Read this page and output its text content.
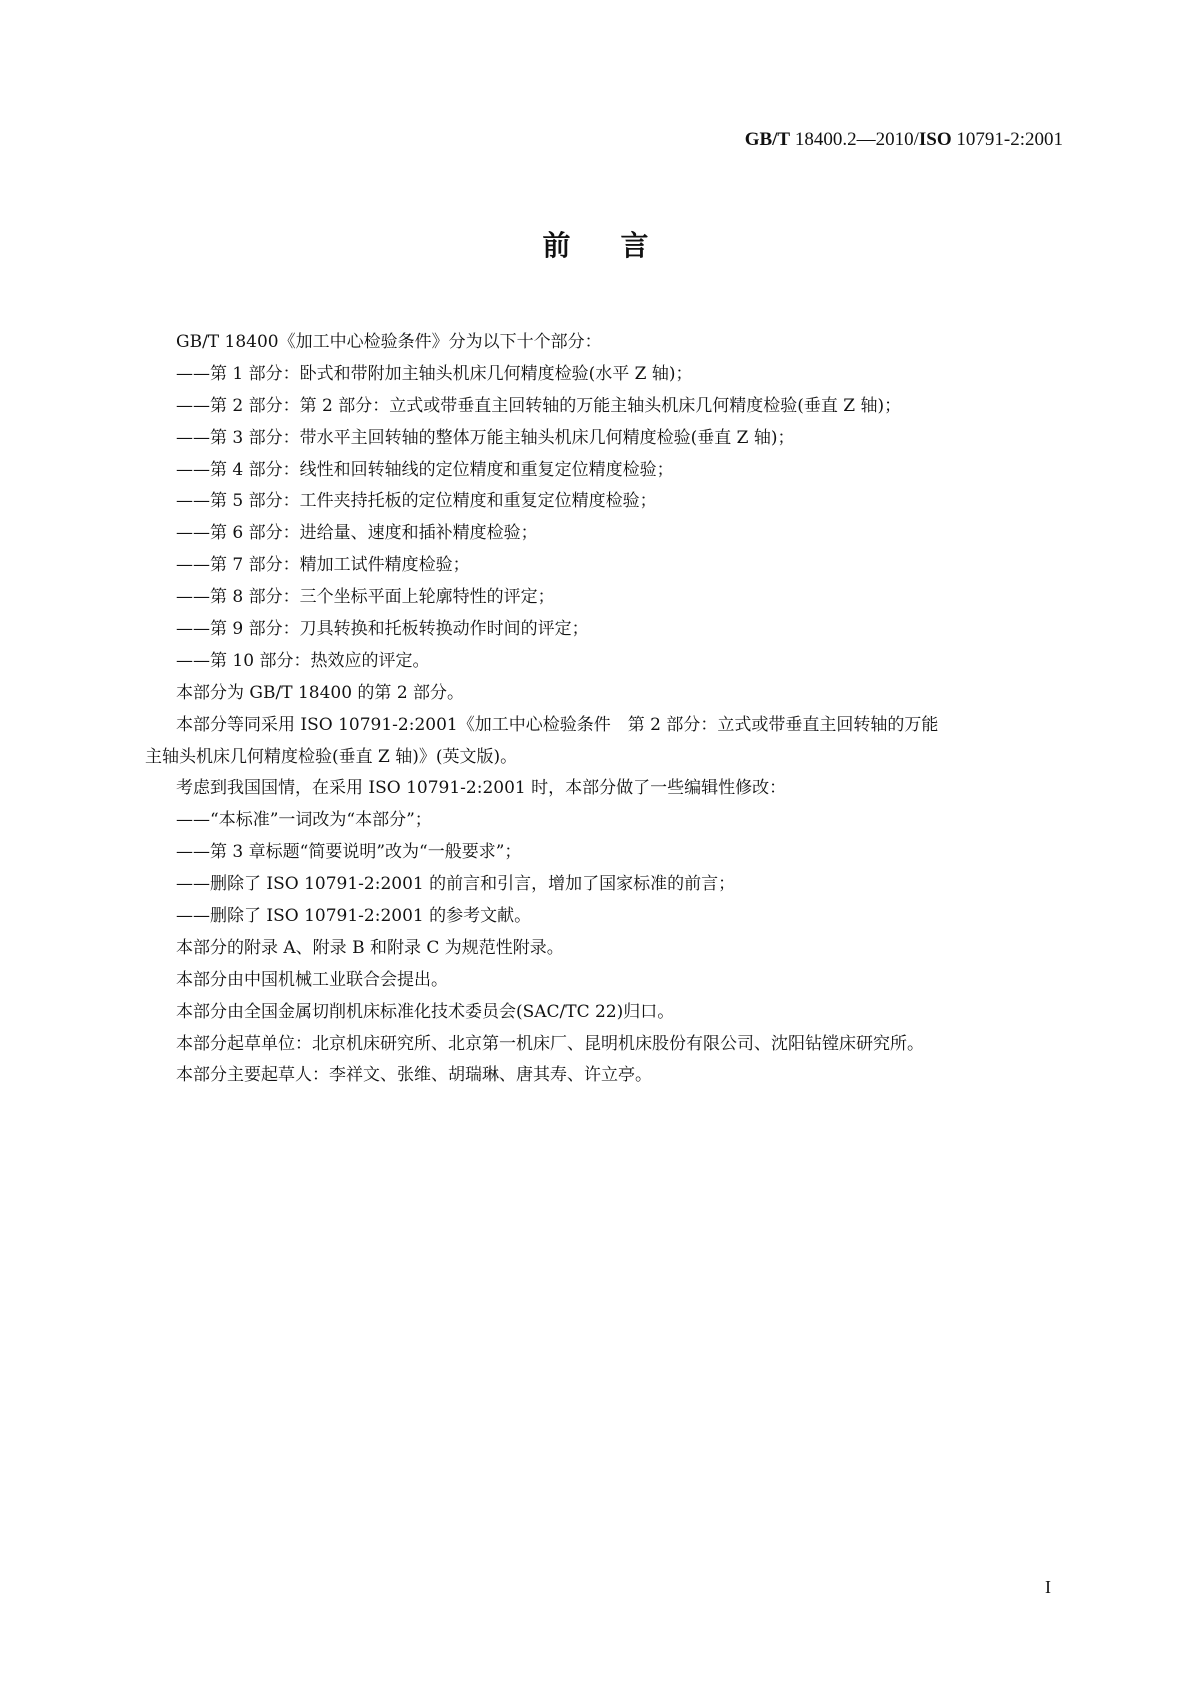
GB/T 18400.2—2010/ISO 10791-2:2001
前言
GB/T 18400《加工中心检验条件》分为以下十个部分：
——第 1 部分：卧式和带附加主轴头机床几何精度检验(水平 Z 轴)；
——第 2 部分：第 2 部分：立式或带垂直主回转轴的万能主轴头机床几何精度检验(垂直 Z 轴)；
——第 3 部分：带水平主回转轴的整体万能主轴头机床几何精度检验(垂直 Z 轴)；
——第 4 部分：线性和回转轴线的定位精度和重复定位精度检验；
——第 5 部分：工件夹持托板的定位精度和重复定位精度检验；
——第 6 部分：进给量、速度和插补精度检验；
——第 7 部分：精加工试件精度检验；
——第 8 部分：三个坐标平面上轮廓特性的评定；
——第 9 部分：刀具转换和托板转换动作时间的评定；
——第 10 部分：热效应的评定。
本部分为 GB/T 18400 的第 2 部分。
本部分等同采用 ISO 10791-2:2001《加工中心检验条件　第 2 部分：立式或带垂直主回转轴的万能
主轴头机床几何精度检验(垂直 Z 轴)》(英文版)。
考虑到我国国情，在采用 ISO 10791-2:2001 时，本部分做了一些编辑性修改：
——“本标准”一词改为“本部分”；
——第 3 章标题“简要说明”改为“一般要求”；
——删除了 ISO 10791-2:2001 的前言和引言，增加了国家标准的前言；
——删除了 ISO 10791-2:2001 的参考文献。
本部分的附录 A、附录 B 和附录 C 为规范性附录。
本部分由中国机械工业联合会提出。
本部分由全国金属切削机床标准化技术委员会(SAC/TC 22)归口。
本部分起草单位：北京机床研究所、北京第一机床厂、昆明机床股份有限公司、沈阳钻镗床研究所。
本部分主要起草人：李祥文、张维、胡瑞琳、唐其寿、许立亭。
I
